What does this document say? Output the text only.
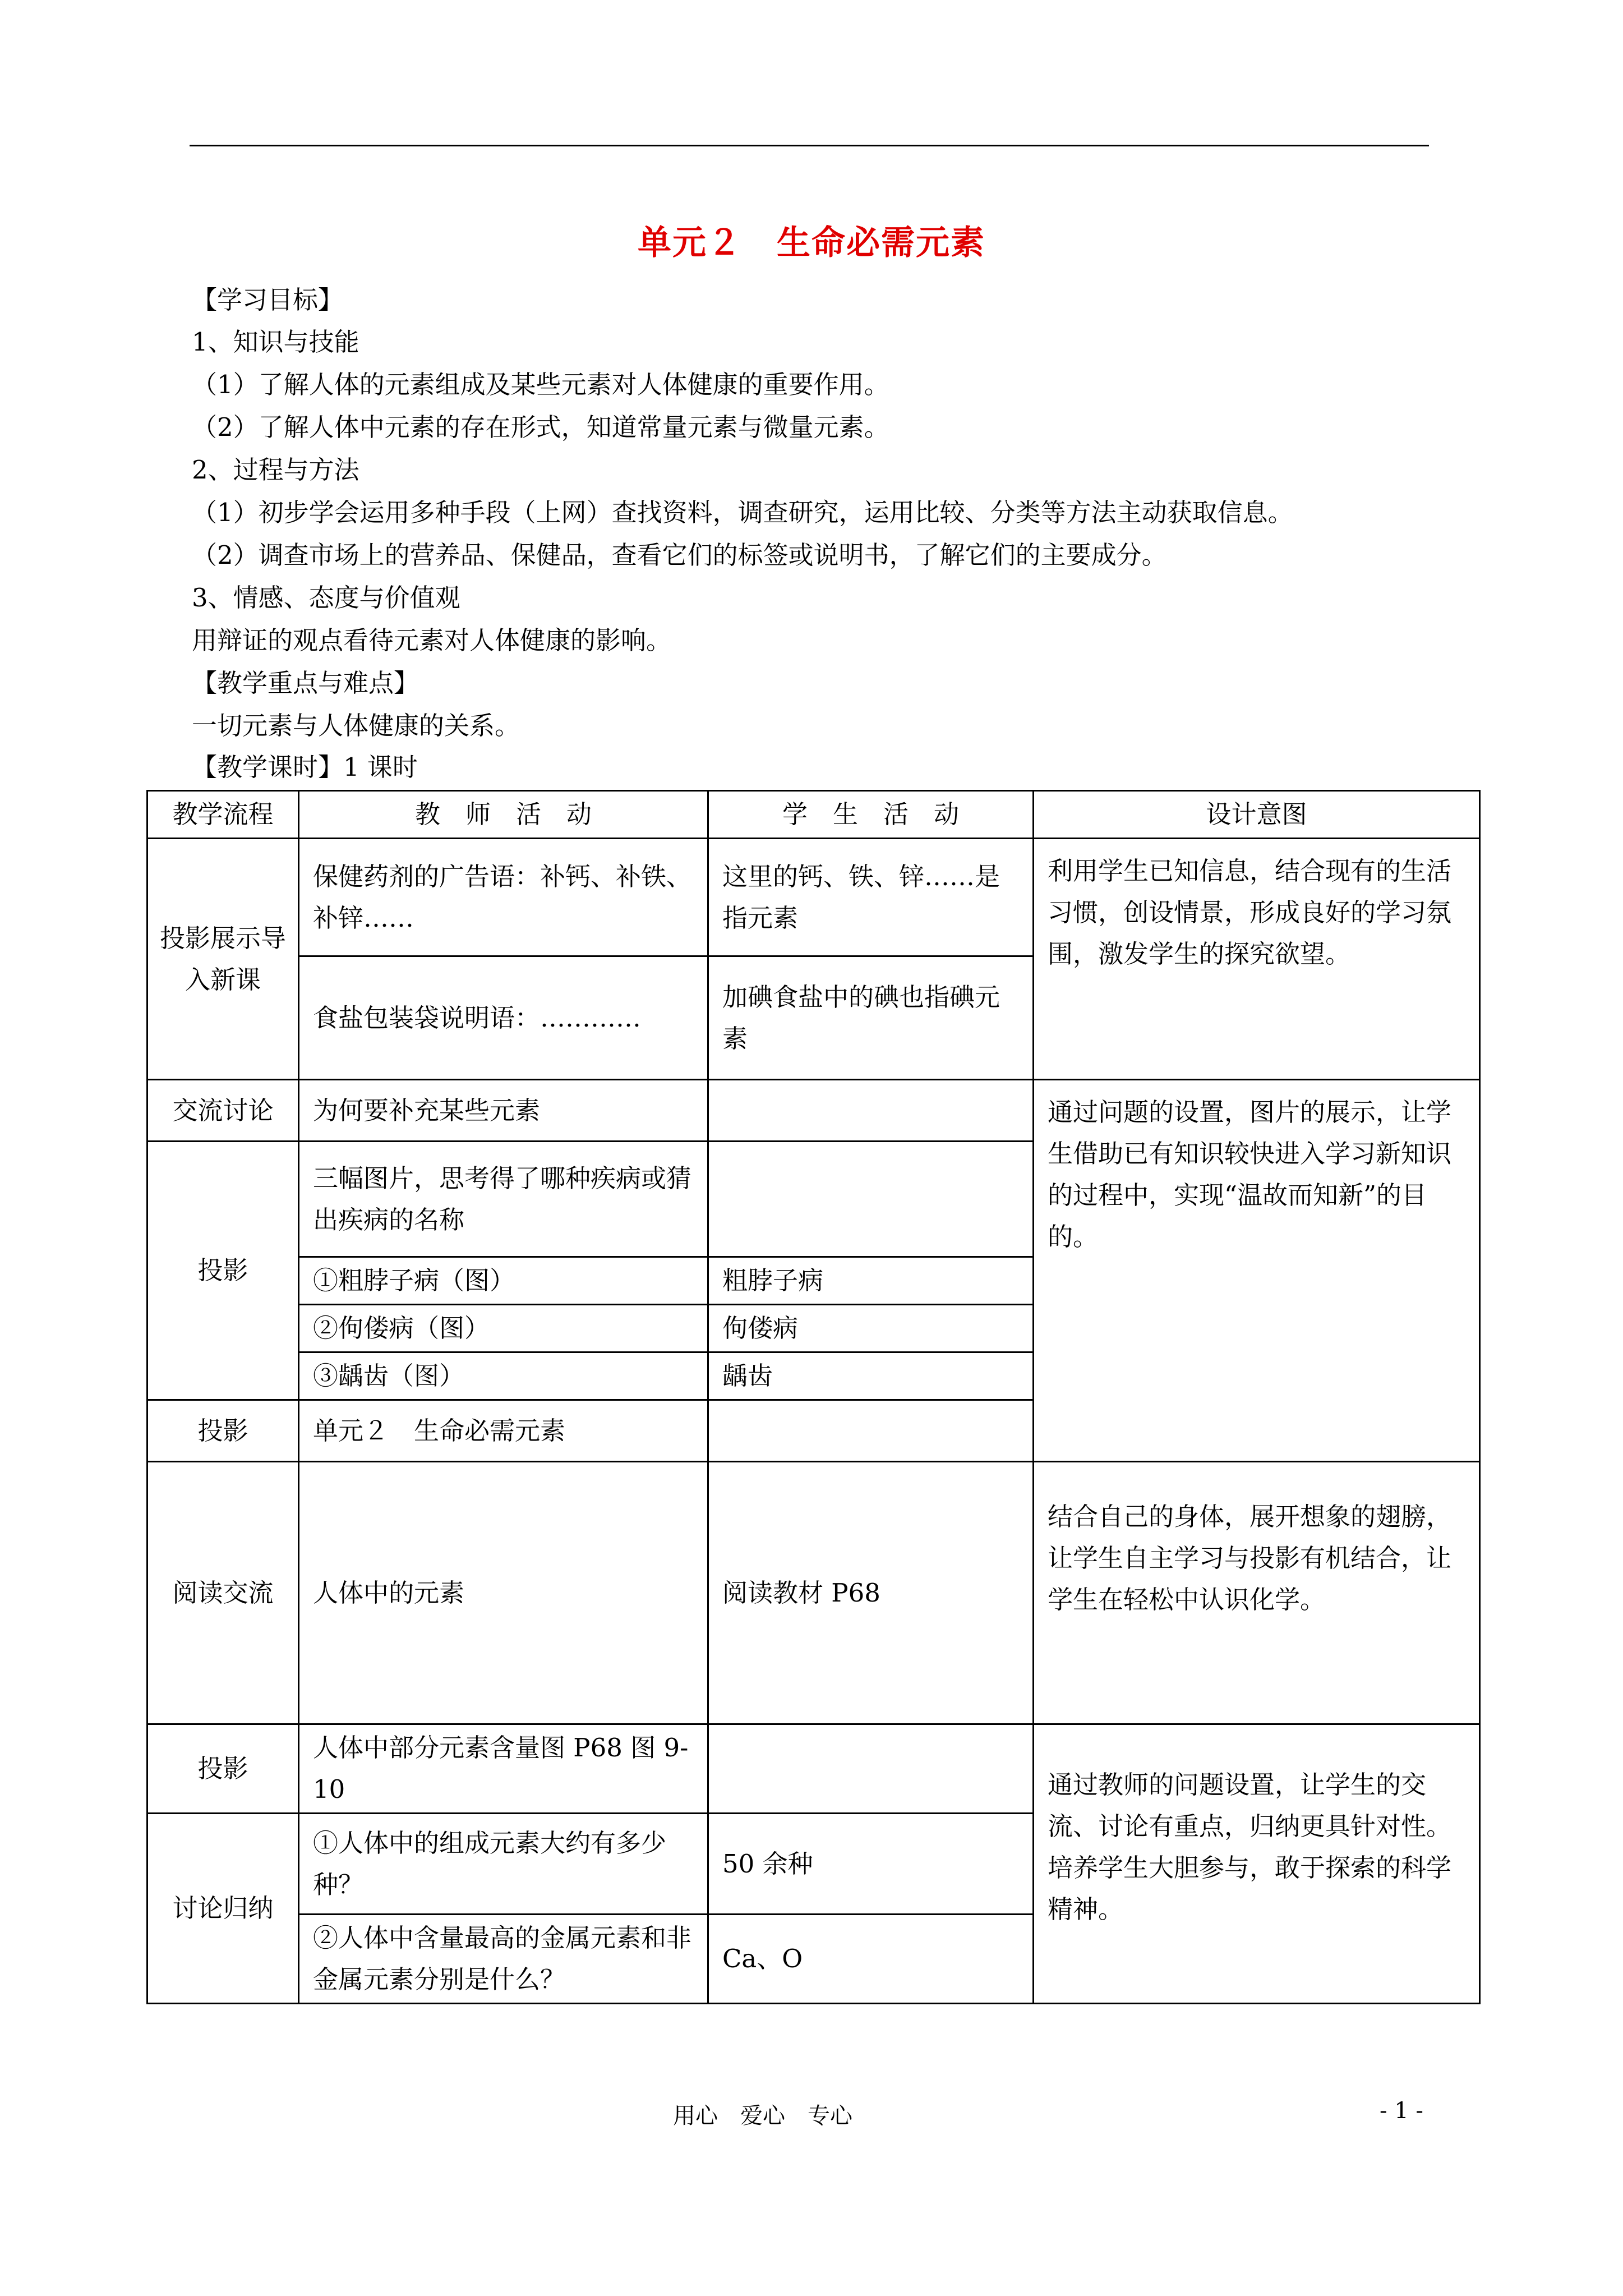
单元２　生命必需元素
【学习目标】
1、知识与技能
（1）了解人体的元素组成及某些元素对人体健康的重要作用。
（2）了解人体中元素的存在形式，知道常量元素与微量元素。
2、过程与方法
（1）初步学会运用多种手段（上网）查找资料，调查研究，运用比较、分类等方法主动获取信息。
（2）调查市场上的营养品、保健品，查看它们的标签或说明书，了解它们的主要成分。
3、情感、态度与价值观
用辩证的观点看待元素对人体健康的影响。
【教学重点与难点】
一切元素与人体健康的关系。
【教学课时】1 课时
教学流程	教　师　活　动	学　生　活　动	设计意图
投影展示导入新课	保健药剂的广告语：补钙、补铁、补锌……	这里的钙、铁、锌……是指元素	利用学生已知信息，结合现有的生活习惯，创设情景，形成良好的学习氛围，激发学生的探究欲望。
	食盐包装袋说明语：…………	加碘食盐中的碘也指碘元素	
交流讨论	为何要补充某些元素		通过问题的设置，图片的展示，让学生借助已有知识较快进入学习新知识的过程中，实现“温故而知新”的目的。
投影	三幅图片，思考得了哪种疾病或猜出疾病的名称		
	①粗脖子病（图）	粗脖子病	
	②佝偻病（图）	佝偻病	
	③龋齿（图）	龋齿	
投影	单元２　生命必需元素		
阅读交流	人体中的元素	阅读教材 P68	结合自己的身体，展开想象的翅膀，让学生自主学习与投影有机结合，让学生在轻松中认识化学。
投影	人体中部分元素含量图 P68 图 9-10		通过教师的问题设置，让学生的交流、讨论有重点，归纳更具针对性。培养学生大胆参与，敢于探索的科学精神。
讨论归纳	①人体中的组成元素大约有多少种？	50 余种	
	②人体中含量最高的金属元素和非金属元素分别是什么？	Ca、O	
用心　爱心　专心	- 1 -
